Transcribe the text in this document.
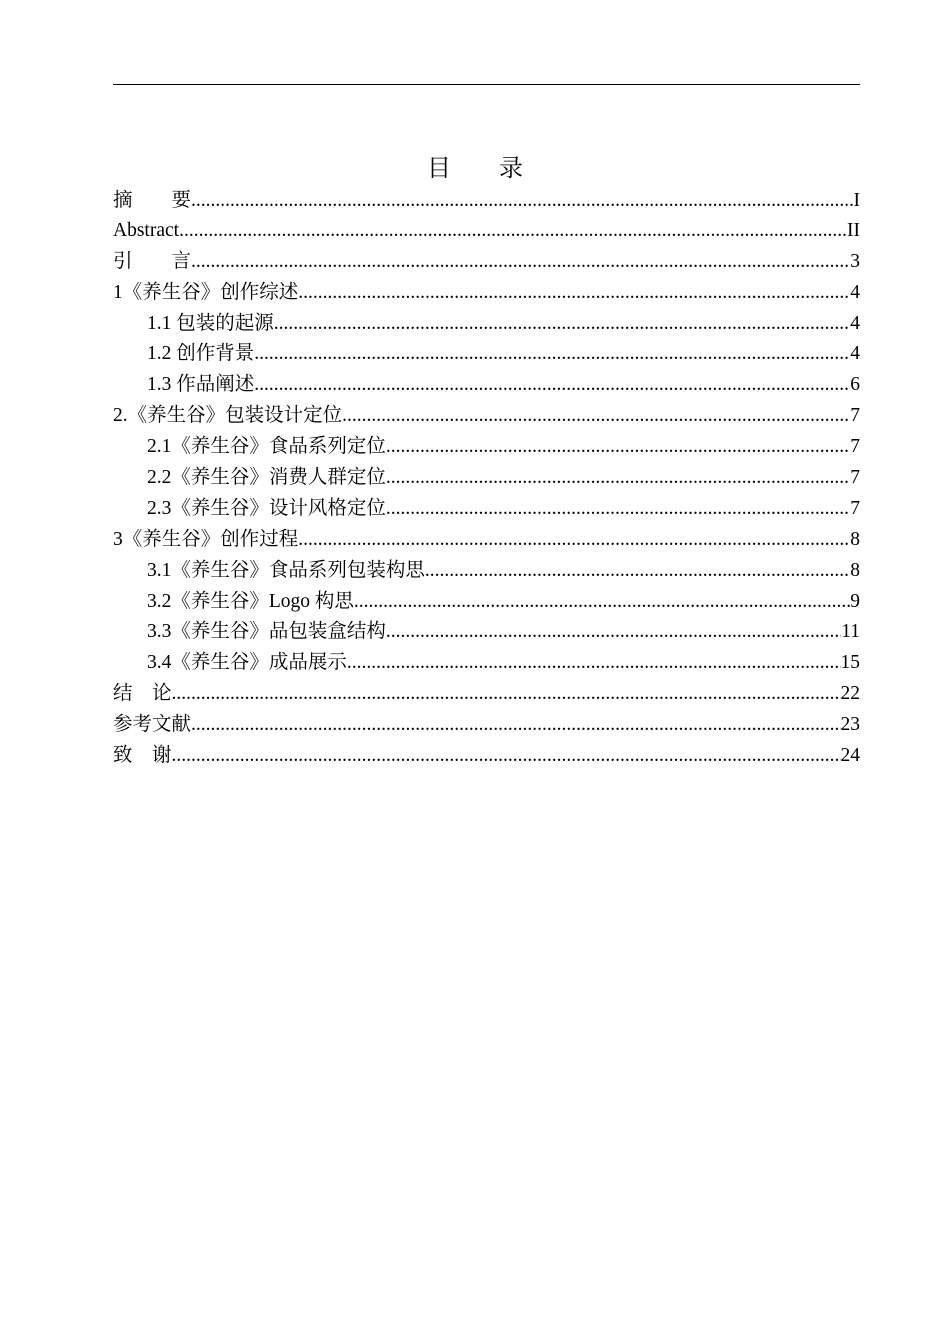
目　　录
摘　　要 .....	I
Abstract .....	II
引　　言 .....	3
1《养生谷》创作综述 .....	4
1.1 包装的起源 .....	4
1.2 创作背景 .....	4
1.3 作品阐述 .....	6
2.《养生谷》包装设计定位 .....	7
2.1《养生谷》食品系列定位 .....	7
2.2《养生谷》消费人群定位 .....	7
2.3《养生谷》设计风格定位 .....	7
3《养生谷》创作过程 .....	8
3.1《养生谷》食品系列包装构思 .....	8
3.2《养生谷》Logo 构思 .....	9
3.3《养生谷》品包装盒结构 .....	11
3.4《养生谷》成品展示 .....	15
结　论 .....	22
参考文献 .....	23
致　谢 .....	24
